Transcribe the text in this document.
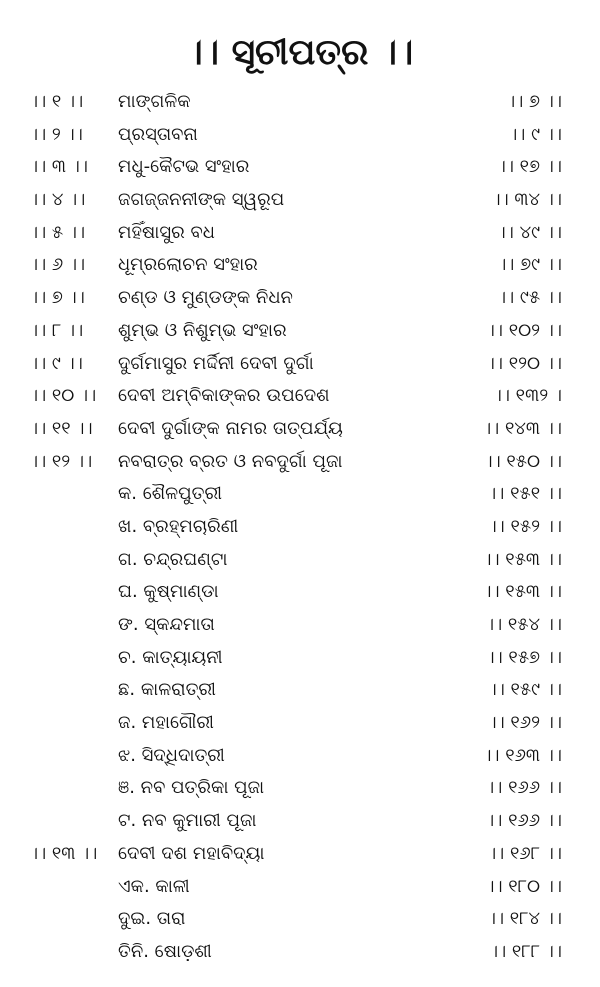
।। ସୂଚୀପତ୍ର ।।
।। ୧ ।। ମାଙ୍ଗଳିକ	।। ୭ ।।
।। ୨ ।। ପ୍ରସ୍ତାବନା	।। ୯ ।।
।। ୩ ।। ମଧୁ-କୈଟଭ ସଂହାର	।। ୧୭ ।।
।। ୪ ।। ଜଗଜ୍ଜନନୀଙ୍କ ସ୍ୱରୂପ	।। ୩୪ ।।
।। ୫ ।। ମହିଁଷାସୁର ବଧ	।। ୪୯ ।।
।। ୬ ।। ଧୂମ୍ରଲୋଚନ ସଂହାର	।। ୭୯ ।।
।। ୭ ।। ଚଣ୍ଡ ଓ ମୁଣ୍ଡଙ୍କ ନିଧନ	।। ୯୫ ।।
।। ୮ ।। ଶୁମ୍ଭ ଓ ନିଶୁମ୍ଭ ସଂହାର	।। ୧୦୨ ।।
।। ୯ ।। ଦୁର୍ଗମାସୁର ମର୍ଦ୍ଦିନୀ ଦେବୀ ଦୁର୍ଗା	।। ୧୨୦ ।।
।। ୧୦ ।। ଦେବୀ ଅମ୍ବିକାଙ୍କର ଉପଦେଶ	।। ୧୩୨ ।
।। ୧୧ ।। ଦେବୀ ଦୁର୍ଗାଙ୍କ ନାମର ତାତ୍ପର୍ଯ୍ୟ	।। ୧୪୩ ।।
।। ୧୨ ।। ନବରାତ୍ର ବ୍ରତ ଓ ନବଦୁର୍ଗା ପୂଜା	।। ୧୫୦ ।।
କ. ଶୈଳପୁତ୍ରୀ	।। ୧୫୧ ।।
ଖ. ବ୍ରହ୍ମଚାରିଣୀ	।। ୧୫୨ ।।
ଗ. ଚନ୍ଦ୍ରଘଣ୍ଟା	।। ୧୫୩ ।।
ଘ. କୁଷ୍ମାଣ୍ଡା	।। ୧୫୩ ।।
ଙ. ସ୍କନ୍ଦମାତା	।। ୧୫୪ ।।
ଚ. କାତ୍ୟାୟନୀ	।। ୧୫୭ ।।
ଛ. କାଳରାତ୍ରୀ	।। ୧୫୯ ।।
ଜ. ମହାଗୌରୀ	।। ୧୬୨ ।।
ଝ. ସିଦ୍ଧିଦାତ୍ରୀ	।। ୧୬୩ ।।
ଞ. ନବ ପତ୍ରିକା ପୂଜା	।। ୧୬୬ ।।
ଟ. ନବ କୁମାରୀ ପୂଜା	।। ୧୬୬ ।।
।। ୧୩ ।। ଦେବୀ ଦଶ ମହାବିଦ୍ୟା	।। ୧୬୮ ।।
ଏକ. କାଳୀ	।। ୧୮୦ ।।
ଦୁଇ. ତାରା	।। ୧୮୪ ।।
ତିନି. ଷୋଡ଼ଶୀ	।। ୧୮୮ ।।
